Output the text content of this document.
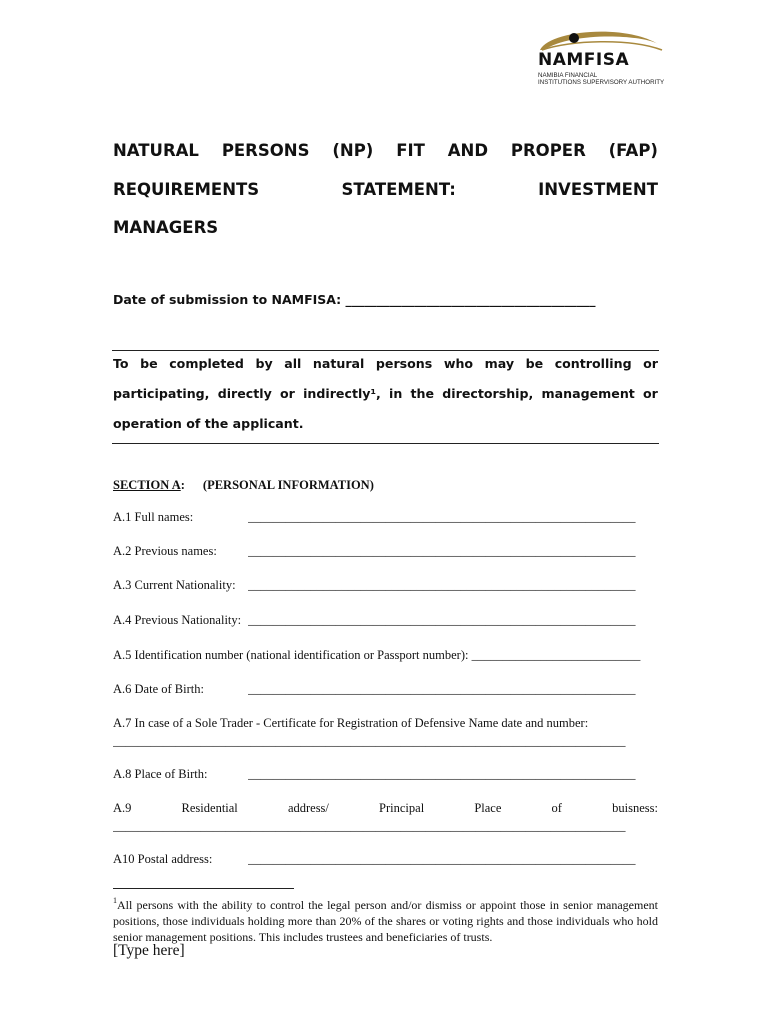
NAMFISA
NAMIBIA FINANCIAL
INSTITUTIONS SUPERVISORY AUTHORITY
NATURAL PERSONS (NP) FIT AND PROPER (FAP)
REQUIREMENTS	STATEMENT:	INVESTMENT
MANAGERS
Date of submission to NAMFISA: ________________________________________
To be completed by all natural persons who may be controlling or
participating, directly or indirectly¹, in the directorship, management or
operation of the applicant.
SECTION A: (PERSONAL INFORMATION)
A.1 Full names:	______________________________________________________________
A.2 Previous names: ______________________________________________________________
A.3 Current Nationality: ______________________________________________________________
A.4 Previous Nationality: ______________________________________________________________
A.5 Identification number (national identification or Passport number): ___________________________
A.6 Date of Birth:	______________________________________________________________
A.7 In case of a Sole Trader - Certificate for Registration of Defensive Name date and number:
__________________________________________________________________________________
A.8 Place of Birth:	______________________________________________________________
A.9	Residential	address/	Principal	Place	of	buisness:
__________________________________________________________________________________
A10 Postal address:	______________________________________________________________
$^1$All persons with the ability to control the legal person and/or dismiss or appoint those in senior management positions, those individuals holding more than 20% of the shares or voting rights and those individuals who hold senior management positions. This includes trustees and beneficiaries of trusts.
[Type here]
